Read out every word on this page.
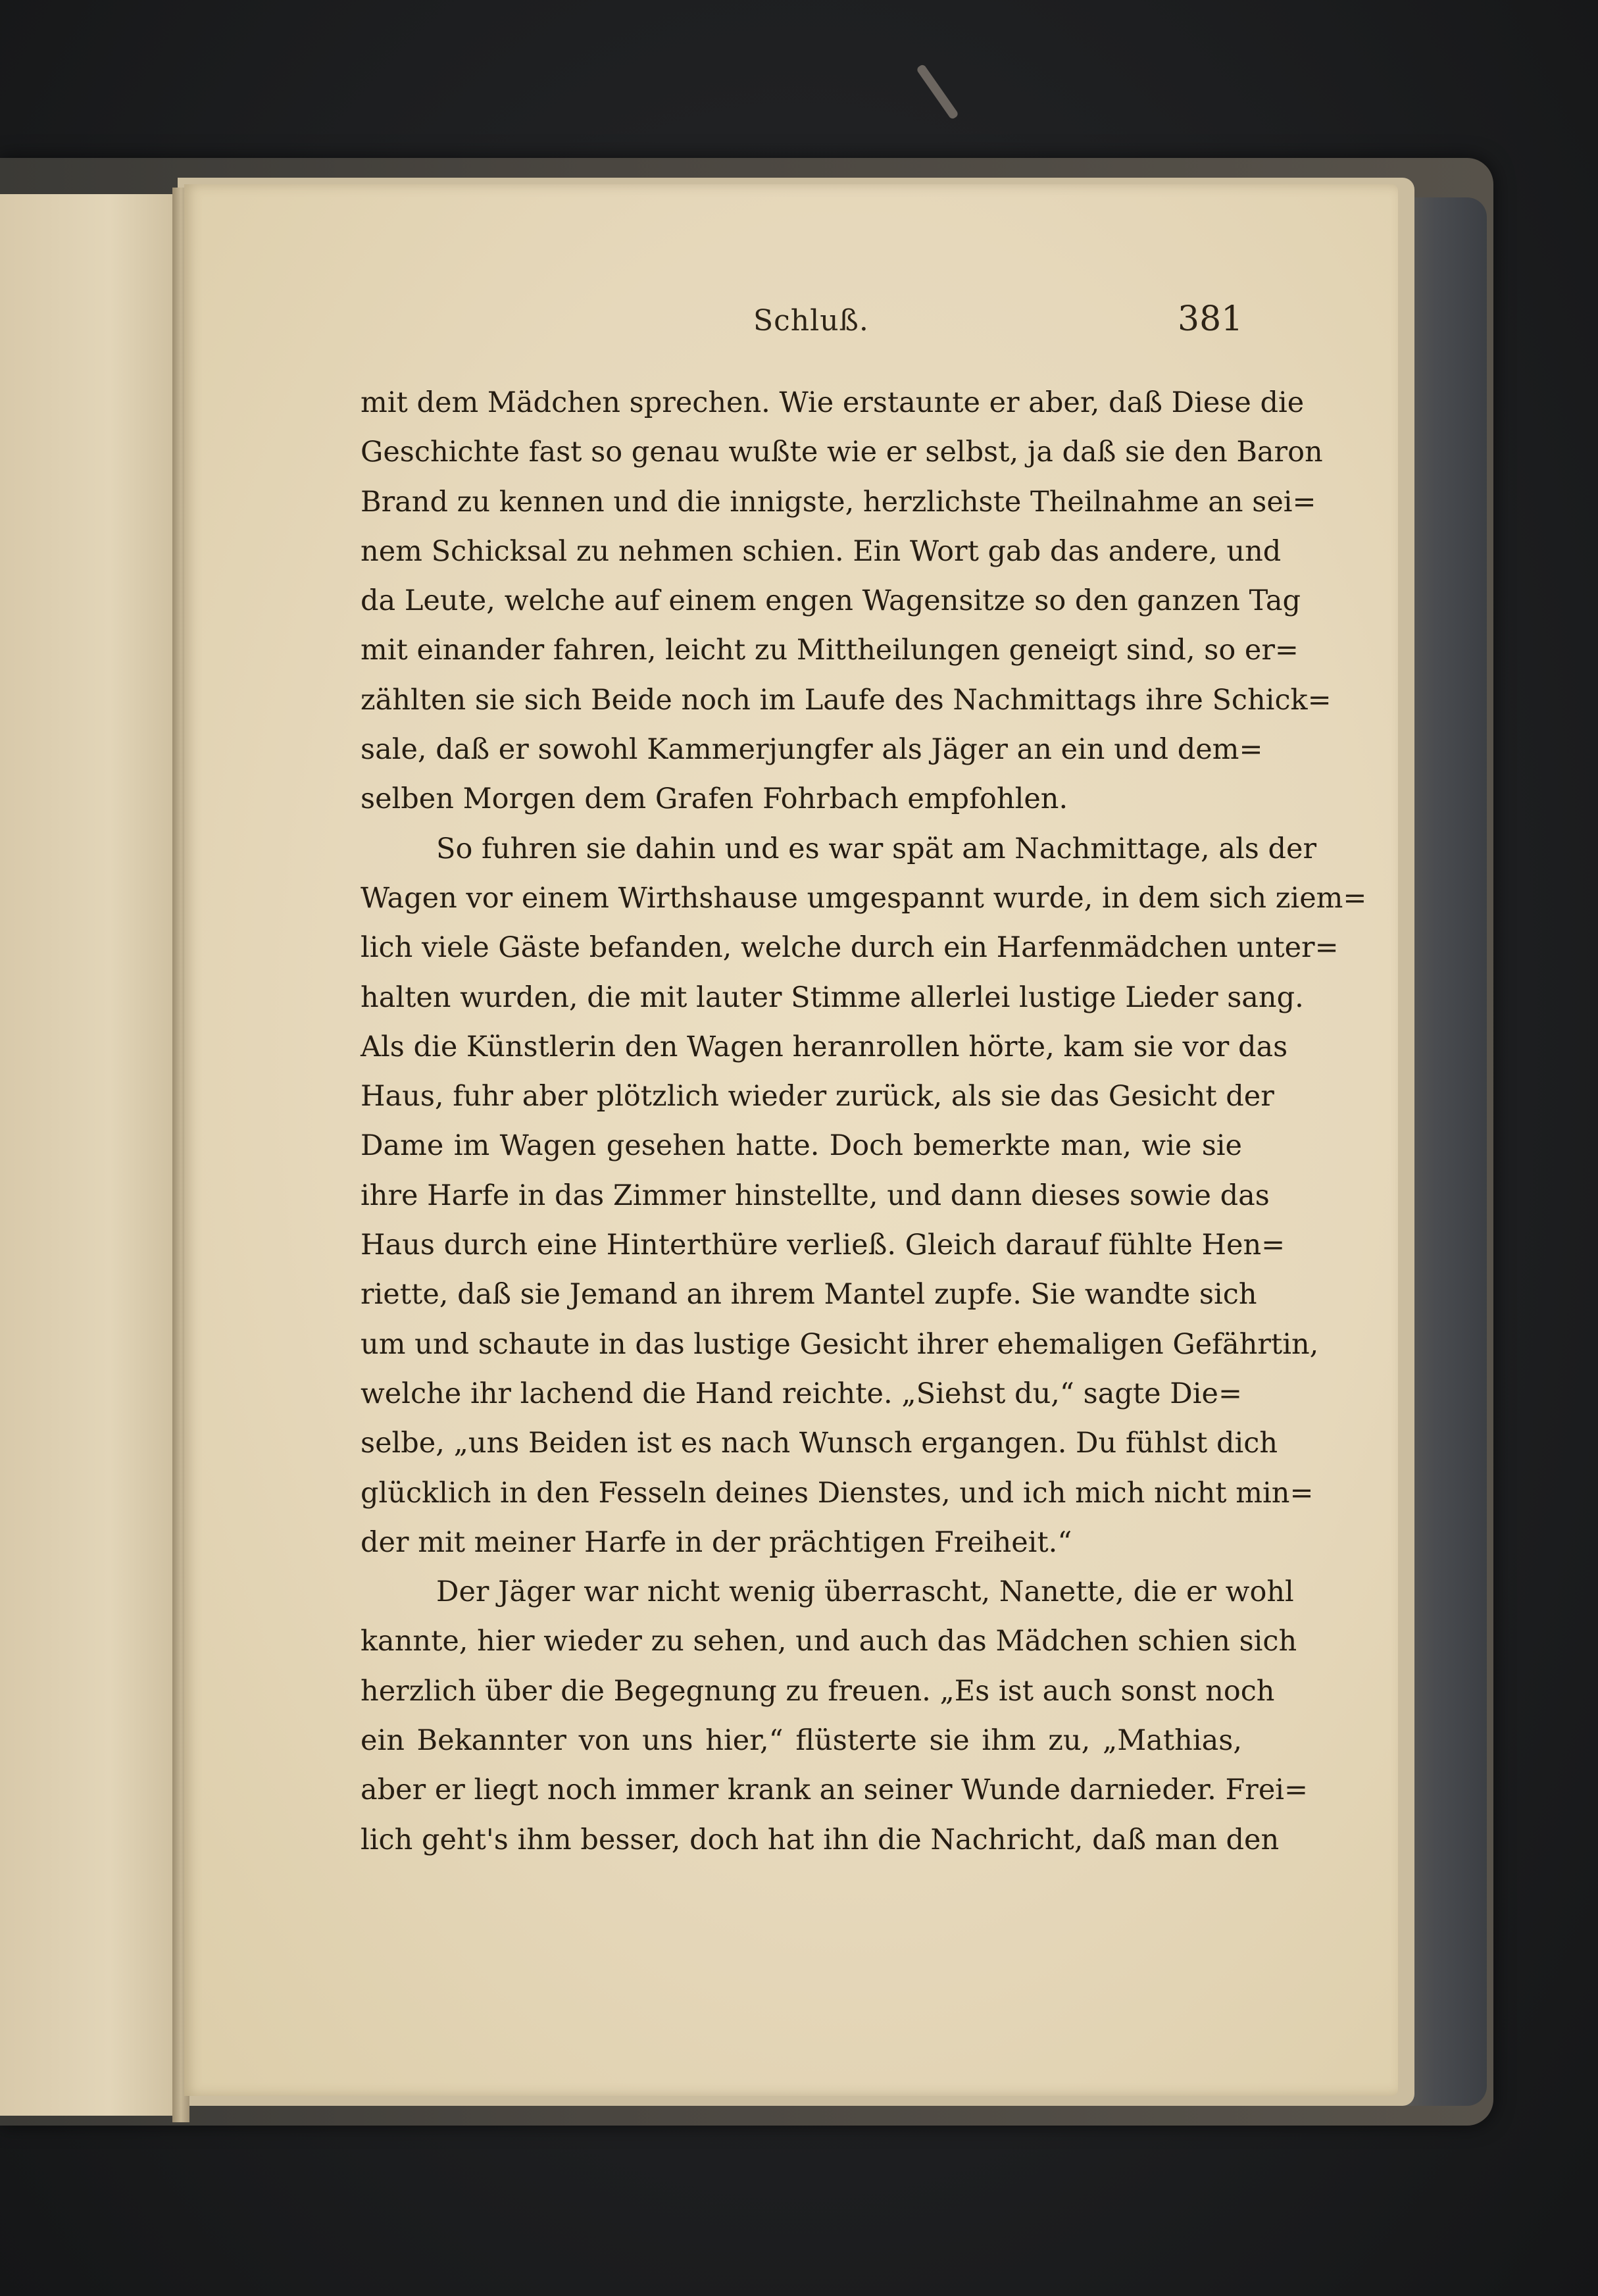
Schluß.	381
mit dem Mädchen sprechen. Wie erstaunte er aber, daß Diese die
Geschichte fast so genau wußte wie er selbst, ja daß sie den Baron
Brand zu kennen und die innigste, herzlichste Theilnahme an sei=
nem Schicksal zu nehmen schien. Ein Wort gab das andere, und
da Leute, welche auf einem engen Wagensitze so den ganzen Tag
mit einander fahren, leicht zu Mittheilungen geneigt sind, so er=
zählten sie sich Beide noch im Laufe des Nachmittags ihre Schick=
sale, daß er sowohl Kammerjungfer als Jäger an ein und dem=
selben Morgen dem Grafen Fohrbach empfohlen.
So fuhren sie dahin und es war spät am Nachmittage, als der
Wagen vor einem Wirthshause umgespannt wurde, in dem sich ziem=
lich viele Gäste befanden, welche durch ein Harfenmädchen unter=
halten wurden, die mit lauter Stimme allerlei lustige Lieder sang.
Als die Künstlerin den Wagen heranrollen hörte, kam sie vor das
Haus, fuhr aber plötzlich wieder zurück, als sie das Gesicht der
Dame im Wagen gesehen hatte. Doch bemerkte man, wie sie
ihre Harfe in das Zimmer hinstellte, und dann dieses sowie das
Haus durch eine Hinterthüre verließ. Gleich darauf fühlte Hen=
riette, daß sie Jemand an ihrem Mantel zupfe. Sie wandte sich
um und schaute in das lustige Gesicht ihrer ehemaligen Gefährtin,
welche ihr lachend die Hand reichte. „Siehst du,“ sagte Die=
selbe, „uns Beiden ist es nach Wunsch ergangen. Du fühlst dich
glücklich in den Fesseln deines Dienstes, und ich mich nicht min=
der mit meiner Harfe in der prächtigen Freiheit.“
Der Jäger war nicht wenig überrascht, Nanette, die er wohl
kannte, hier wieder zu sehen, und auch das Mädchen schien sich
herzlich über die Begegnung zu freuen. „Es ist auch sonst noch
ein Bekannter von uns hier,“ flüsterte sie ihm zu, „Mathias,
aber er liegt noch immer krank an seiner Wunde darnieder. Frei=
lich geht's ihm besser, doch hat ihn die Nachricht, daß man den
